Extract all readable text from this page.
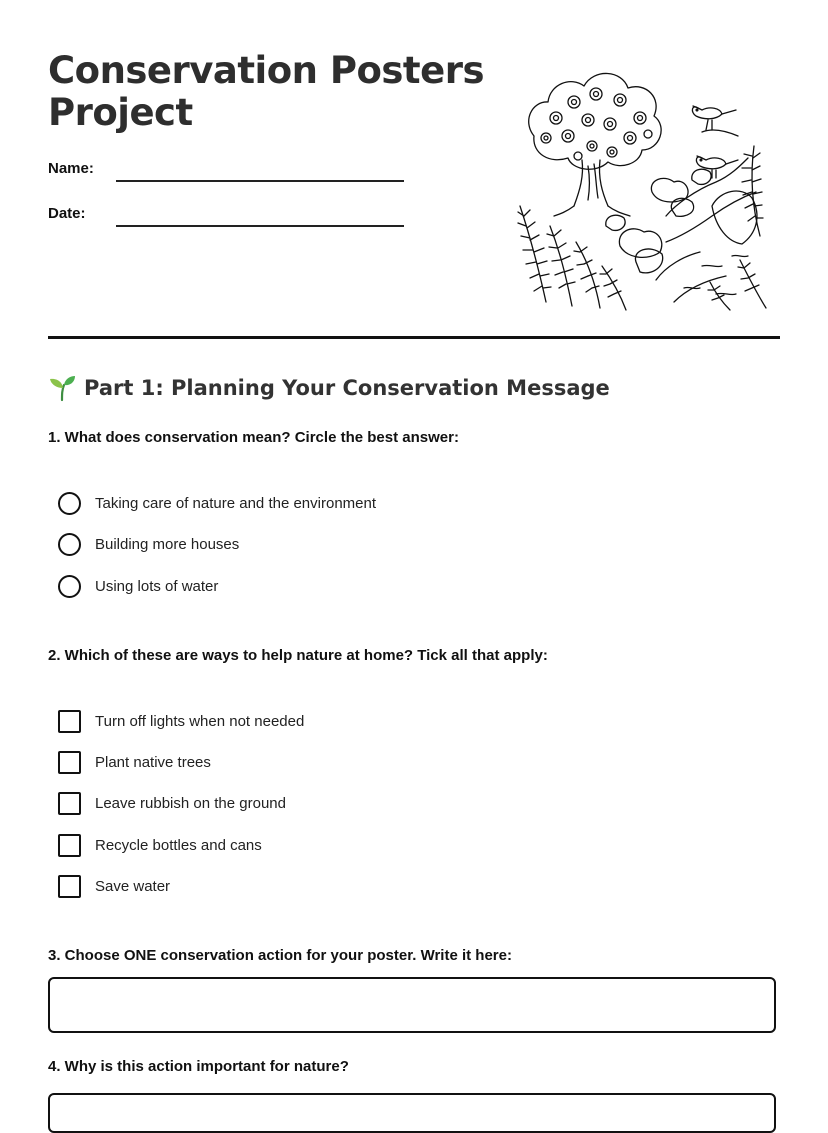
Conservation Posters Project
Name:
Date:
Part 1: Planning Your Conservation Message
1. What does conservation mean? Circle the best answer:
Taking care of nature and the environment
Building more houses
Using lots of water
2. Which of these are ways to help nature at home? Tick all that apply:
Turn off lights when not needed
Plant native trees
Leave rubbish on the ground
Recycle bottles and cans
Save water
3. Choose ONE conservation action for your poster. Write it here:
4. Why is this action important for nature?
